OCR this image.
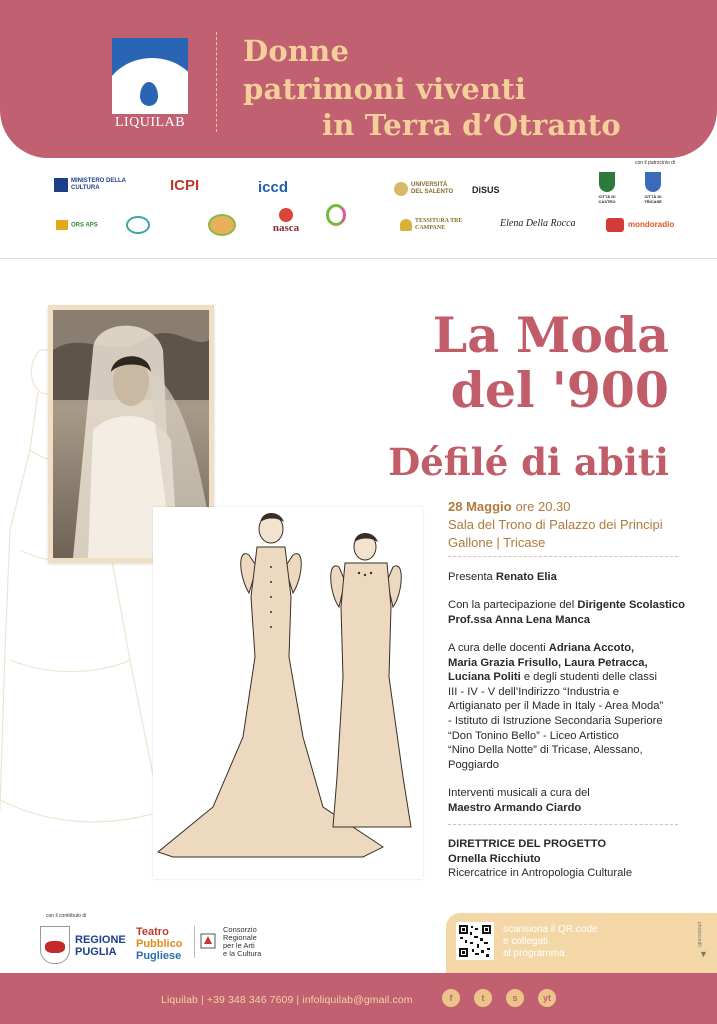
LIQUILAB
Donne
patrimoni viventi
in Terra d’Otranto
con il patrocinio di
MINISTERO DELLA CULTURA	ICPI	iccd	UNIVERSITÀ DEL SALENTO DiSUS
CITTÀ DI CASTRO
CITTÀ DI TRICASE
ORS APS	nasca
TESSITURA TRE CAMPANE	Elena Della Rocca	mondoradio
La Moda
del '900
Défilé di abiti
28 Maggio ore 20.30
Sala del Trono di Palazzo dei Principi
Gallone | Tricase
Presenta Renato Elia
Con la partecipazione del Dirigente Scolastico
Prof.ssa Anna Lena Manca
A cura delle docenti Adriana Accoto,
Maria Grazia Frisullo, Laura Petracca,
Luciana Politi e degli studenti delle classi
III - IV - V dell’Indirizzo “Industria e
Artigianato per il Made in Italy - Area Moda”
- Istituto di Istruzione Secondaria Superiore
“Don Tonino Bello” - Liceo Artistico
“Nino Della Notte” di Tricase, Alessano,
Poggiardo
Interventi musicali a cura del
Maestro Armando Ciardo
DIRETTRICE DEL PROGETTO
Ornella Ricchiuto
Ricercatrice in Antropologia Culturale
con il contributo di
REGIONE
PUGLIA
Teatro
Pubblico
Pugliese
Consorzio
Regionale
per le Arti
e la Cultura
scansiona il QR code
e collegati
al programma
photocredit
▼
Liquilab | +39 348 346 7609 | infoliquilab@gmail.com	f	t	s	yt
